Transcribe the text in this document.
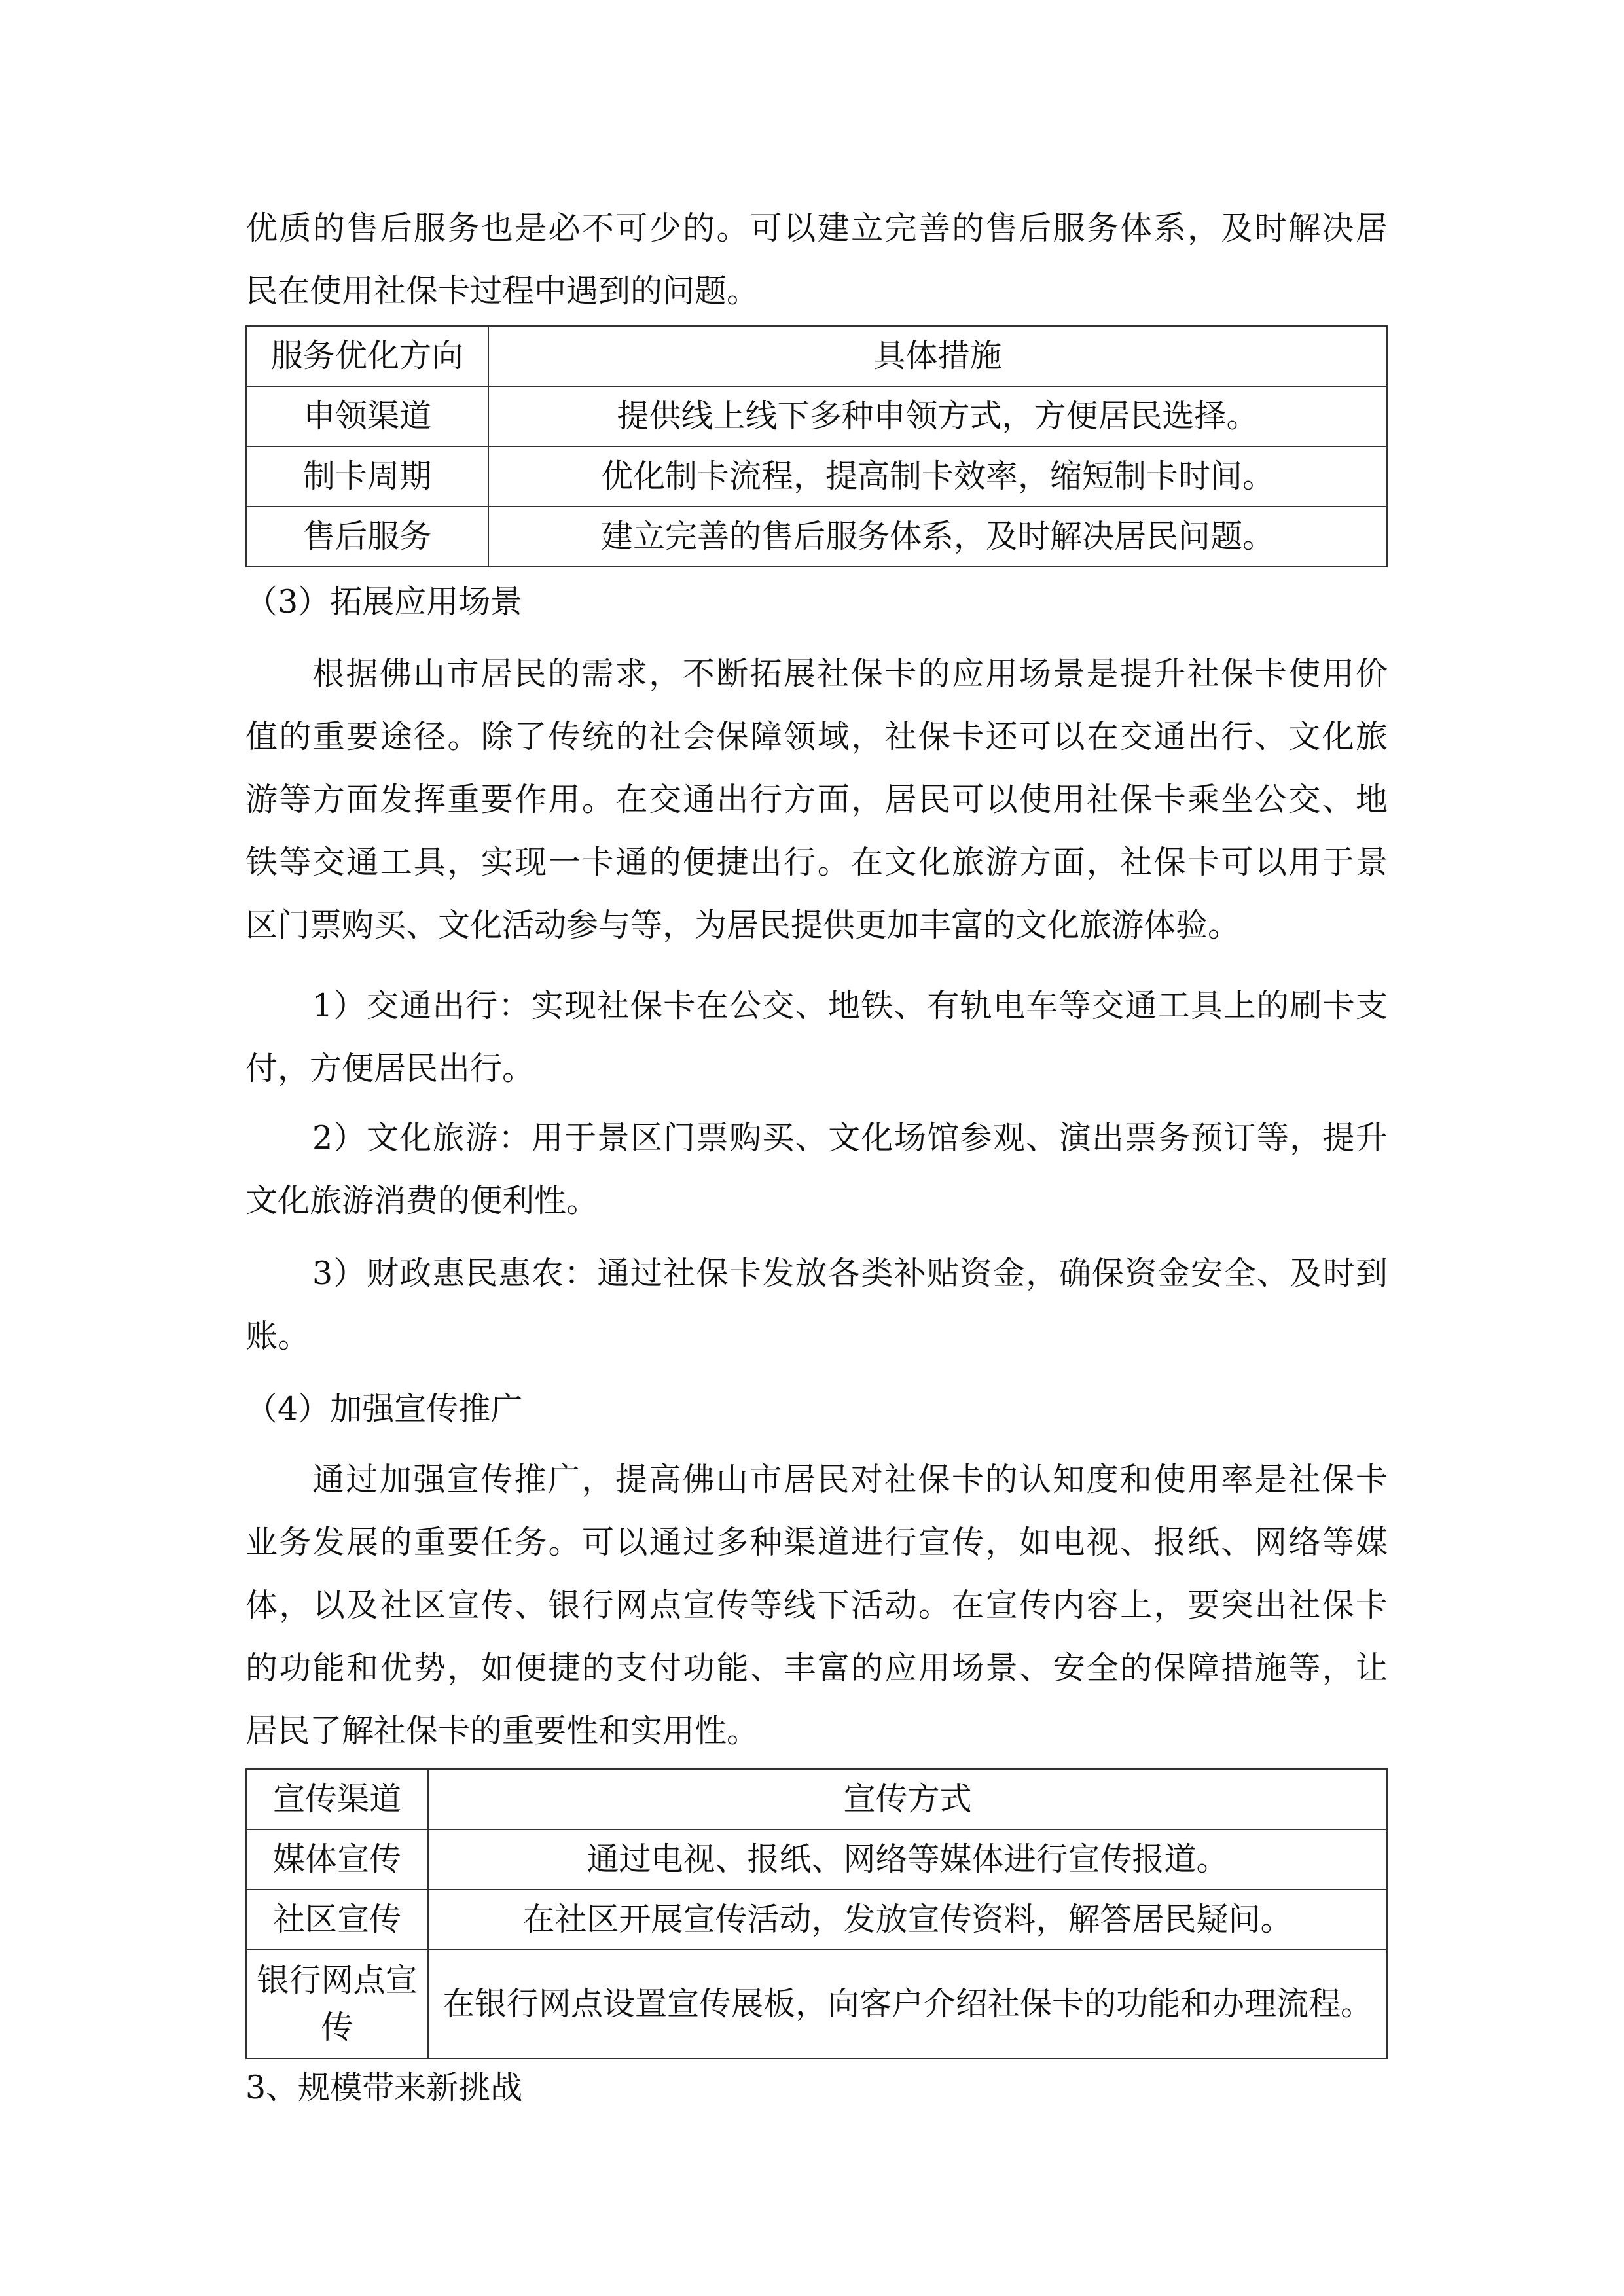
优质的售后服务也是必不可少的。可以建立完善的售后服务体系，及时解决居
民在使用社保卡过程中遇到的问题。
服务优化方向	具体措施
申领渠道	提供线上线下多种申领方式，方便居民选择。
制卡周期	优化制卡流程，提高制卡效率，缩短制卡时间。
售后服务	建立完善的售后服务体系，及时解决居民问题。
（3）拓展应用场景
根据佛山市居民的需求，不断拓展社保卡的应用场景是提升社保卡使用价
值的重要途径。除了传统的社会保障领域，社保卡还可以在交通出行、文化旅
游等方面发挥重要作用。在交通出行方面，居民可以使用社保卡乘坐公交、地
铁等交通工具，实现一卡通的便捷出行。在文化旅游方面，社保卡可以用于景
区门票购买、文化活动参与等，为居民提供更加丰富的文化旅游体验。
1）交通出行：实现社保卡在公交、地铁、有轨电车等交通工具上的刷卡支
付，方便居民出行。
2）文化旅游：用于景区门票购买、文化场馆参观、演出票务预订等，提升
文化旅游消费的便利性。
3）财政惠民惠农：通过社保卡发放各类补贴资金，确保资金安全、及时到
账。
（4）加强宣传推广
通过加强宣传推广，提高佛山市居民对社保卡的认知度和使用率是社保卡
业务发展的重要任务。可以通过多种渠道进行宣传，如电视、报纸、网络等媒
体，以及社区宣传、银行网点宣传等线下活动。在宣传内容上，要突出社保卡
的功能和优势，如便捷的支付功能、丰富的应用场景、安全的保障措施等，让
居民了解社保卡的重要性和实用性。
宣传渠道	宣传方式
媒体宣传	通过电视、报纸、网络等媒体进行宣传报道。
社区宣传	在社区开展宣传活动，发放宣传资料，解答居民疑问。
银行网点宣传	在银行网点设置宣传展板，向客户介绍社保卡的功能和办理流程。
3、规模带来新挑战
